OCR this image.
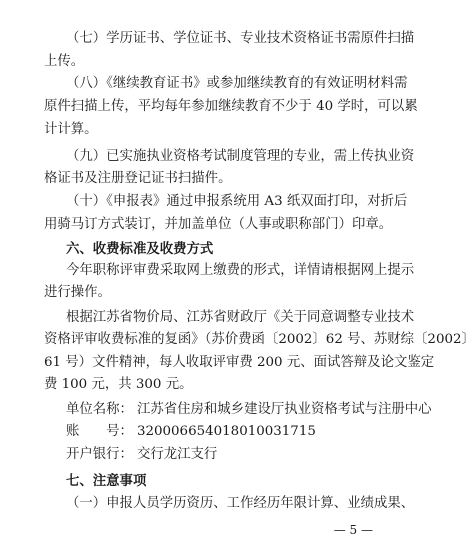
（七）学历证书、学位证书、专业技术资格证书需原件扫描
上传。
（八）《继续教育证书》或参加继续教育的有效证明材料需
原件扫描上传，平均每年参加继续教育不少于 40 学时，可以累
计计算。
（九）已实施执业资格考试制度管理的专业，需上传执业资
格证书及注册登记证书扫描件。
（十）《申报表》通过申报系统用 A3 纸双面打印，对折后
用骑马订方式装订，并加盖单位（人事或职称部门）印章。
六、收费标准及收费方式
今年职称评审费采取网上缴费的形式，详情请根据网上提示
进行操作。
根据江苏省物价局、江苏省财政厅《关于同意调整专业技术
资格评审收费标准的复函》（苏价费函〔2002〕62 号、苏财综〔2002〕
61 号）文件精神，每人收取评审费 200 元、面试答辩及论文鉴定
费 100 元，共 300 元。
单位名称： 江苏省住房和城乡建设厅执业资格考试与注册中心
账　　号： 32000665401801003171​5
开户银行： 交行龙江支行
七、注意事项
（一）申报人员学历资历、工作经历年限计算、业绩成果、
— 5 —
